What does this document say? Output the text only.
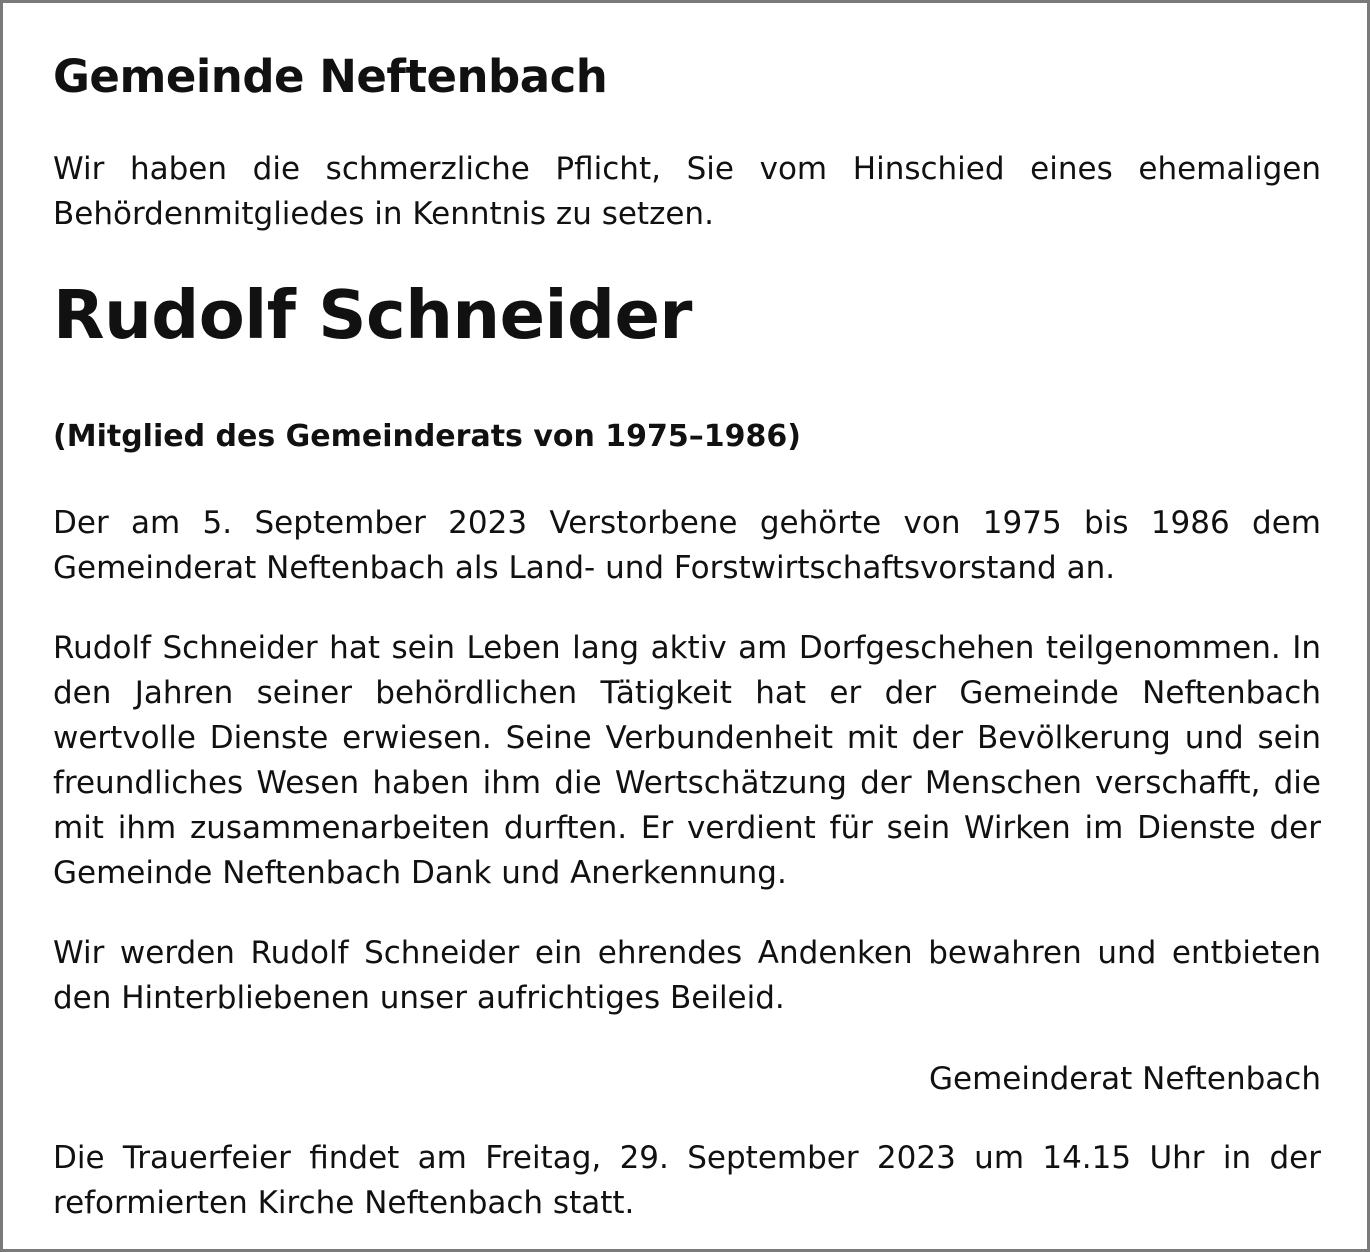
Gemeinde Neftenbach

Wir haben die schmerzliche Pflicht, Sie vom Hinschied eines ehemaligen Behördenmitgliedes in Kenntnis zu setzen.

Rudolf Schneider
(Mitglied des Gemeinderats von 1975–1986)

Der am 5. September 2023 Verstorbene gehörte von 1975 bis 1986 dem Gemeinderat Neftenbach als Land- und Forstwirtschaftsvorstand an.

Rudolf Schneider hat sein Leben lang aktiv am Dorfgeschehen teilgenommen. In den Jahren seiner behördlichen Tätigkeit hat er der Gemeinde Neftenbach wertvolle Dienste erwiesen. Seine Verbundenheit mit der Bevölkerung und sein freundliches Wesen haben ihm die Wertschätzung der Menschen verschafft, die mit ihm zusammenarbeiten durften. Er verdient für sein Wirken im Dienste der Gemeinde Neftenbach Dank und Anerkennung.

Wir werden Rudolf Schneider ein ehrendes Andenken bewahren und entbieten den Hinterbliebenen unser aufrichtiges Beileid.

Gemeinderat Neftenbach

Die Trauerfeier findet am Freitag, 29. September 2023 um 14.15 Uhr in der reformierten Kirche Neftenbach statt.
